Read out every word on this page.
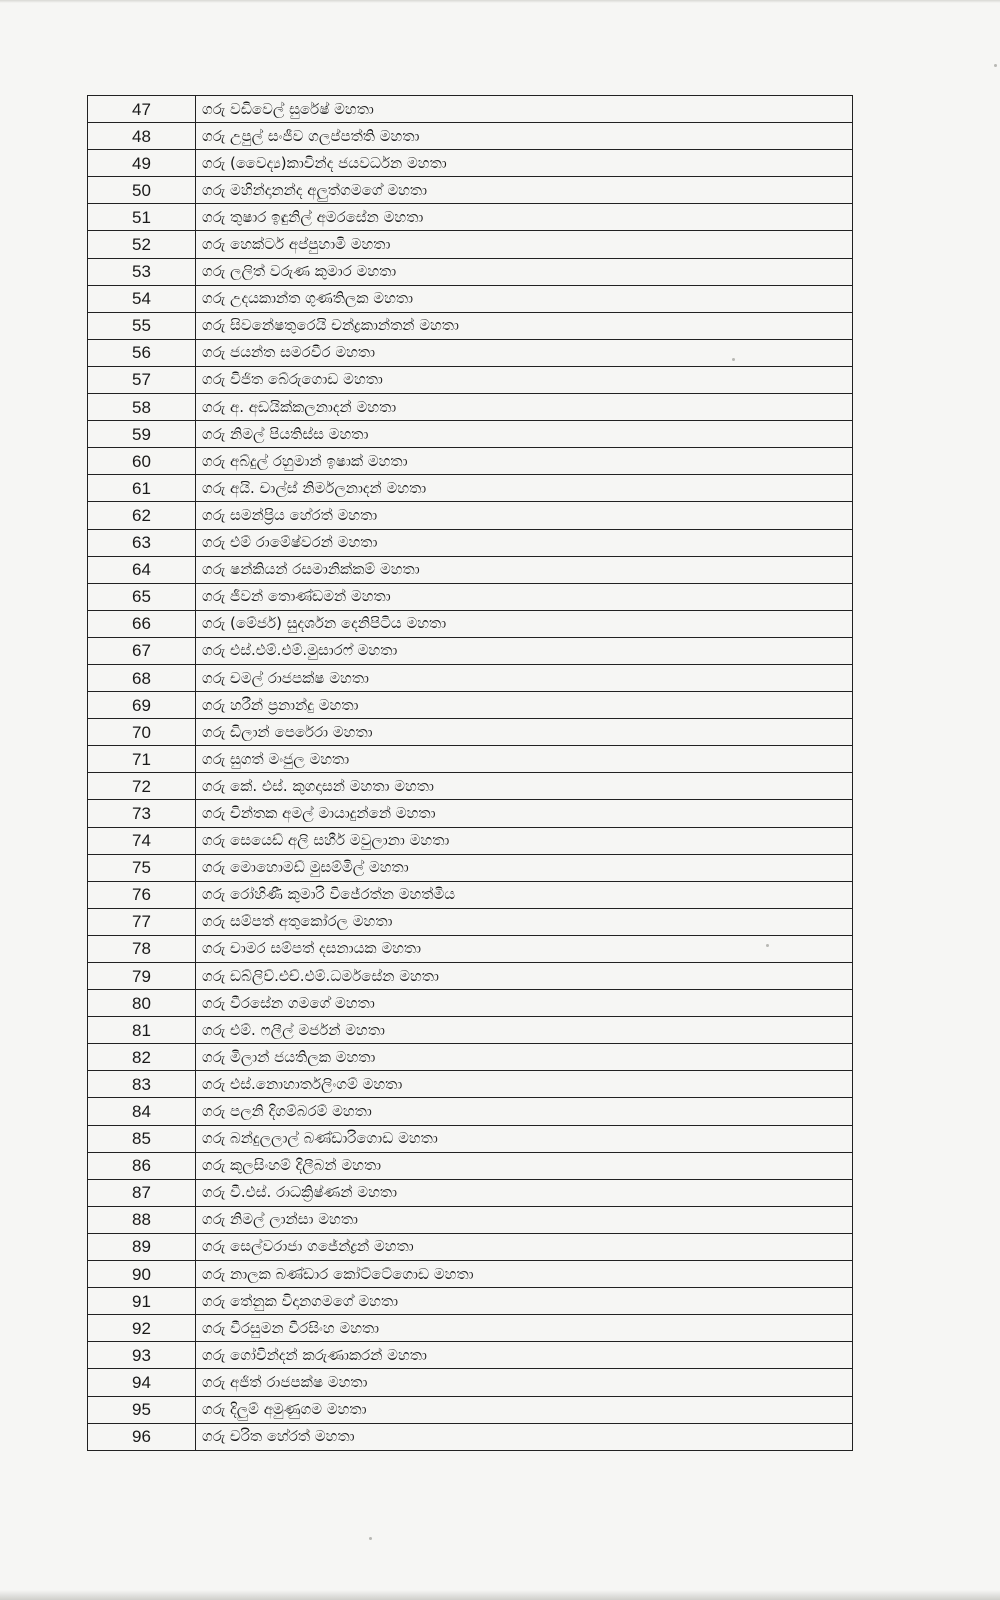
47	ගරු වඩිවෙල් සුරේෂ් මහතා
48	ගරු උපුල් සංජීව ගලප්පත්ති මහතා
49	ගරු (වෛද්‍ය)කාවින්ද ජයවර්ධන මහතා
50	ගරු මහින්දානන්ද අලුත්ගමගේ මහතා
51	ගරු තුෂාර ඉඳුනිල් අමරසේන මහතා
52	ගරු හෙක්ටර් අප්පුහාමි මහතා
53	ගරු ලලිත් වරුණ කුමාර මහතා
54	ගරු උදයකාන්ත ගුණතිලක මහතා
55	ගරු සිවනේෂතුරෙයි චන්ද්‍රකාන්තන් මහතා
56	ගරු ජයන්ත සමරවීර මහතා
57	ගරු විජිත බේරුගොඩ මහතා
58	ගරු අ. අඩයික්කලනාදන් මහතා
59	ගරු නිමල් පියතිස්ස මහතා
60	ගරු අබ්දුල් රහුමාන් ඉෂාක් මහතා
61	ගරු අයි. චාල්ස් නිර්මලනාදන් මහතා
62	ගරු සමන්ප්‍රිය හේරත් මහතා
63	ගරු එම් රාමේෂ්වරන් මහතා
64	ගරු ෂන්කියන් රසමානික්කම් මහතා
65	ගරු ජීවන් තොණ්ඩමන් මහතා
66	ගරු (මේජර්) සුදර්ශන දෙනිපිටිය මහතා
67	ගරු එස්.එම්.එම්.මුසාරෆ් මහතා
68	ගරු චමල් රාජපක්ෂ මහතා
69	ගරු හරීන් ප්‍රනාන්දු මහතා
70	ගරු ඩිලාන් පෙරේරා මහතා
71	ගරු සුගත් මංජුල මහතා
72	ගරු කේ. එස්. කුගදාසන් මහතා මහතා
73	ගරු චින්තක අමල් මායාදුන්නේ මහතා
74	ගරු සෙයෙඩ් අලි සහීර් මවුලානා මහතා
75	ගරු මොහොමඩ් මුසම්මිල් මහතා
76	ගරු රෝහිණී කුමාරි විජේරත්න මහත්මිය
77	ගරු සම්පත් අතුකෝරල මහතා
78	ගරු චාමර සම්පත් දසනායක මහතා
79	ගරු ඩබ්ලිව්.එච්.එම්.ධර්මසේන මහතා
80	ගරු වීරසේන ගමගේ මහතා
81	ගරු එම්. ෆලීල් මර්ජන් මහතා
82	ගරු මිලාන් ජයතිලක මහතා
83	ගරු එස්.නොහාර්තලිංගම් මහතා
84	ගරු පලනි දිගම්බරම් මහතා
85	ගරු බන්දුලලාල් බණ්ඩාරිගොඩ මහතා
86	ගරු කුලසිංහම් දිලීබන් මහතා
87	ගරු වී.එස්. රාධක්‍රිෂ්ණන් මහතා
88	ගරු නිමල් ලාන්සා මහතා
89	ගරු සෙල්වරාජා ගජේන්ද්‍රන් මහතා
90	ගරු නාලක බණ්ඩාර කෝට්ටේගොඩ මහතා
91	ගරු තේනුක විදානගමගේ මහතා
92	ගරු වීරසුමන වීරසිංහ මහතා
93	ගරු ගෝවින්දන් කරුණාකරන් මහතා
94	ගරු අජිත් රාජපක්ෂ මහතා
95	ගරු දිලුම් අමුණුගම මහතා
96	ගරු චරිත හේරත් මහතා
